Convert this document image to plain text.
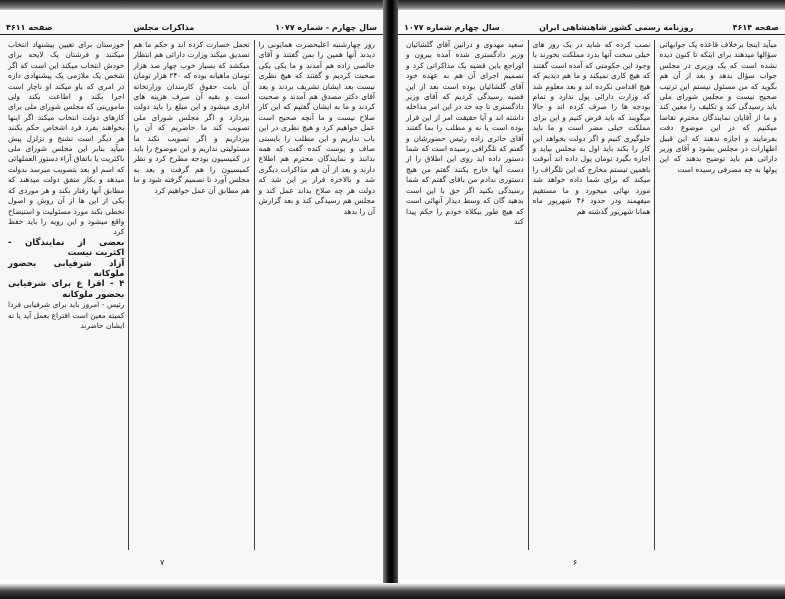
سال چهارم - شماره ۱۰۷۷
مذاکرات مجلس
صفحه ۴۶۱۱

روز چهارشنبه اعلیحضرت همایونی را دیدند آنها همین را بمن گفتند و آقای خالصی زاده هم آمدند و ما یکی یکی صحبت کردیم و گفتند که هیچ نظری نیست بعد ایشان تشریف بردند و بعد آقای دکتر مصدق هم آمدند و صحبت کردند و ما به ایشان گفتیم که این کار صلاح نیست و ما آنچه صحیح است عمل خواهیم کرد و هیچ نظری در این باب نداریم و این مطلب را بایستی صاف و پوست کنده گفت که همه بدانند و نمایندگان محترم هم اطلاع دارند و بعد از آن هم مذاکرات دیگری شد و بالاخره قرار بر این شد که دولت هر چه صلاح بداند عمل کند و مجلس هم رسیدگی کند و بعد گزارش آن را بدهد

تحمل خسارت کرده اند و حکم ما هم تصدیق میکند وزارت دارائی هم انتظار میکشد که بسیار خوب چهار صد هزار تومان ماهیانه بوده که ۲۴۰ هزار تومان آن بابت حقوق کارمندان وزارتخانه است و بقیه آن صرف هزینه های اداری میشود و این مبلغ را باید دولت بپردازد و اگر مجلس شورای ملی تصویب کند ما حاضریم که آن را بپردازیم و اگر تصویب نکند ما مسئولیتی نداریم و این موضوع را باید در کمیسیون بودجه مطرح کرد و نظر کمیسیون را هم گرفت و بعد به مجلس آورد تا تصمیم گرفته شود و ما هم مطابق آن عمل خواهیم کرد

خوزستان برای تعیین پیشنهاد انتخاب میکنند و فرشتان یک لایحه برای خودش انتخاب میکند این است که اگر شخص یک ملازمی یک پیشنهادی داره در امری که باو میکند او ناچار است اجرا بکند و اطاعت بکند ولی ماموریتی که مجلس شورای ملی برای کارهای دولت انتخاب میکند اگر اینها بخواهند بفرد فرد اشخاص حکم بکنند هر دیگر است تشنج و تزلزل پیش میآید بنابر این مجلس شورای ملی باکثریت یا باتفاق آراء دستور العملهائی که اسم او بعد بتصویب میرسد بدولت میدهد و بکار متفق دولت میدهند که مطابق آنها رفتار بکند و هر موردی که یکی از این ها از آن روش و اصول تخطی بکند مورد مسئولیت و استیضاح واقع میشود و این رویه را باید حفظ کرد

بعضی از نمایندگان - اکثریت نیست

آزاد شرفیابی بحضور ملوکانه

۴ - اقرا ع برای شرفیابی بحضور ملوکانه

رئیس - امروز باید برای شرفیابی فردا کمیته معین است اقتراع بعمل آید یا نه ایشان حاضرند

۷
صفحه ۴۶۱۴
روزنامه رسمی کشور شاهنشاهی ایران
سال چهارم شماره ۱۰۷۷

میآید اینجا برخلاف قاعده یک جوابهائی سؤالها میدهند برای اینکه تا کنون دیده نشده است که یک وزیری در مجلس جواب سؤال بدهد و بعد از آن هم بگوید که من مسئول نیستم این ترتیب صحیح نیست و مجلس شورای ملی باید رسیدگی کند و تکلیف را معین کند و ما از آقایان نمایندگان محترم تقاضا میکنیم که در این موضوع دقت بفرمایند و اجازه ندهند که این قبیل اظهارات در مجلس بشود و آقای وزیر دارائی هم باید توضیح بدهند که این پولها به چه مصرفی رسیده است

نصب کرده که شاید در یک روز های خیلی سخت آنها بدرد مملکت بخورند با وجود این حکومتی که آمده است گفتند که هیچ کاری نمیکند و ما هم دیدیم که هیچ اقدامی نکرده اند و بعد معلوم شد که وزارت دارائی پول ندارد و تمام بودجه ها را صرف کرده اند و حالا میگویند که باید قرض کنیم و این برای مملکت خیلی مضر است و ما باید جلوگیری کنیم و اگر دولت بخواهد این کار را بکند باید اول به مجلس بیاید و اجازه بگیرد تومان پول داده اند آنوقت باهمین تیستم مخارج که این تلگراف را میکند که برای شما داده خواهد شد مورد نهائی میخورد و ما مستقیم میفهمند ودر حدود ۴۶ شهریور ماه همانا شهریور گذشته هم

سعید مهدوی و درانین آقای گلشائیان وزیر دادگستری شده آمده بیرون و اوراجع باین قضیه یک مذاکراتی کرد و تصمیم اجرای آن هم به عهده خود آقای گلشائیان بوده است بعد از این قضیه رسیدگی کردیم که آقای وزیر دادگستری تا چه حد در این امر مداخله داشته اند و آیا حقیقت امر از این قرار بوده است یا نه و مطلب را بما گفتند آقای حائری زاده رئیس حضورشان و گفتم که تلگرافی رسیده است که شما دستور داده اید روی این اطلاق را از دست آنها خارج بکنند گفتم من هیچ دستوری ندادم من باقای گفتم که شما رسیدگی بکنید اگر حق با این است بدهید گان که وسط دیدار آنهائی است که هیچ طور بیکلاه خودم را حکم پیدا کند

۶
